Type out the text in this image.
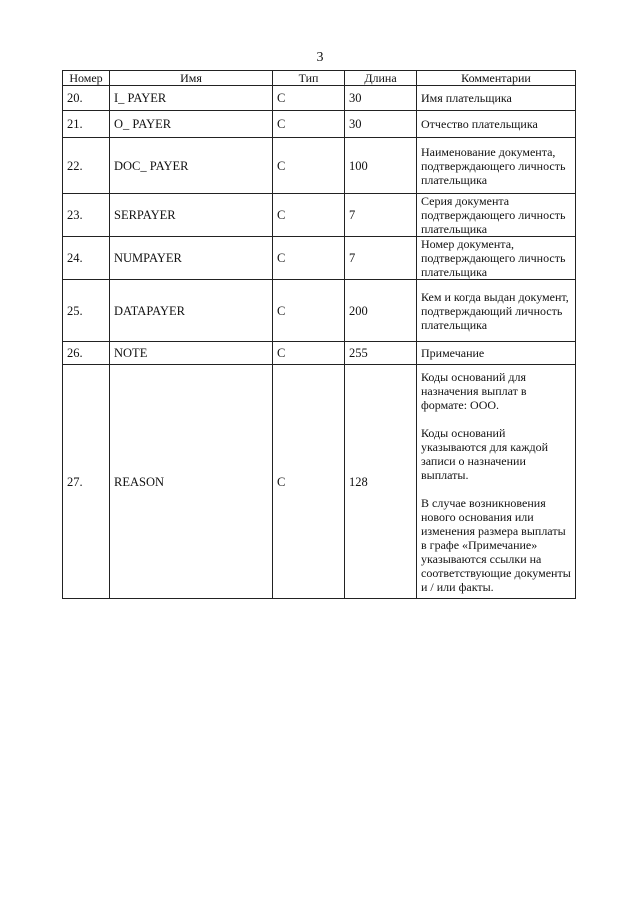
3
Номер	Имя	Тип	Длина	Комментарии
20.	I_ PAYER	C	30	Имя плательщика

21.	O_ PAYER	C	30	Отчество плательщика

22.	DOC_ PAYER	C	100	Наименование документа, подтверждающего личность плательщика

23.	SERPAYER	C	7	Серия документа подтверждающего личность плательщика

24.	NUMPAYER	C	7	Номер документа, подтверждающего личность плательщика

25.	DATAPAYER	C	200	Кем и когда выдан документ, подтверждающий личность плательщика

26.	NOTE	C	255	Примечание

27.	REASON	C	128	Коды оснований для назначения выплат в формате: ООО.
Коды оснований указываются для каждой записи о назначении выплаты.
В случае возникновения нового основания или изменения размера выплаты в графе «Примечание» указываются ссылки на соответствующие документы и / или факты.
